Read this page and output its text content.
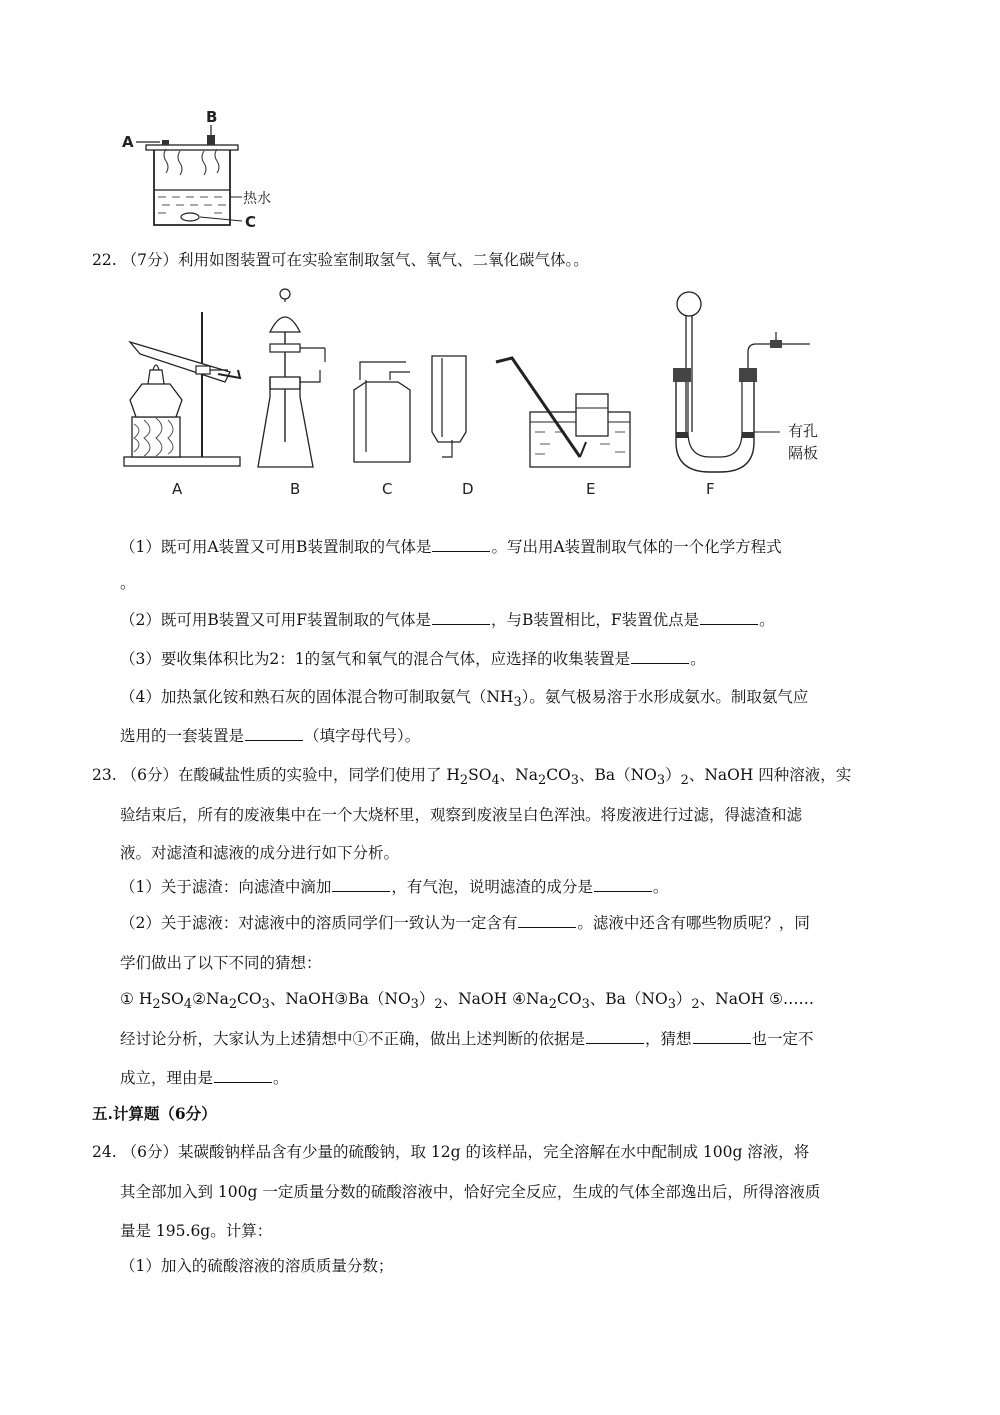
B
A
热水
C
22. （7分）利用如图装置可在实验室制取氢气、氧气、二氧化碳气体。。
有孔
隔板
A	B	C	D	E	F
（1）既可用A装置又可用B装置制取的气体是	。写出用A装置制取气体的一个化学方程式
。
（2）既可用B装置又可用F装置制取的气体是	，与B装置相比，F装置优点是	。
（3）要收集体积比为2：1的氢气和氧气的混合气体，应选择的收集装置是	。
（4）加热氯化铵和熟石灰的固体混合物可制取氨气$(NH_3)$。氨气极易溶于水形成氨水。制取氨气应
选用的一套装置是	（填字母代号）。
23. （6分）在酸碱盐性质的实验中，同学们使用了 $H_2SO_4$、$Na_2CO_3$、$Ba(NO_3)_2$、NaOH 四种溶液，实
验结束后，所有的废液集中在一个大烧杯里，观察到废液呈白色浑浊。将废液进行过滤，得滤渣和滤
液。对滤渣和滤液的成分进行如下分析。
（1）关于滤渣：向滤渣中滴加	，有气泡，说明滤渣的成分是	。
（2）关于滤液：对滤液中的溶质同学们一致认为一定含有	。滤液中还含有哪些物质呢？，同
学们做出了以下不同的猜想：
① $H_2SO_4②Na_2CO_3$、$NaOH③Ba(NO_3)_2$、NaOH $④Na_2CO_3$、$Ba(NO_3)_2$、NaOH ⑤……
经讨论分析，大家认为上述猜想中①不正确，做出上述判断的依据是	，猜想	也一定不
成立，理由是	。
五.计算题（6分）
24. （6分）某碳酸钠样品含有少量的硫酸钠，取 12g 的该样品，完全溶解在水中配制成 100g 溶液，将
其全部加入到 100g 一定质量分数的硫酸溶液中，恰好完全反应，生成的气体全部逸出后，所得溶液质
量是 195.6g。计算：
（1）加入的硫酸溶液的溶质质量分数；
